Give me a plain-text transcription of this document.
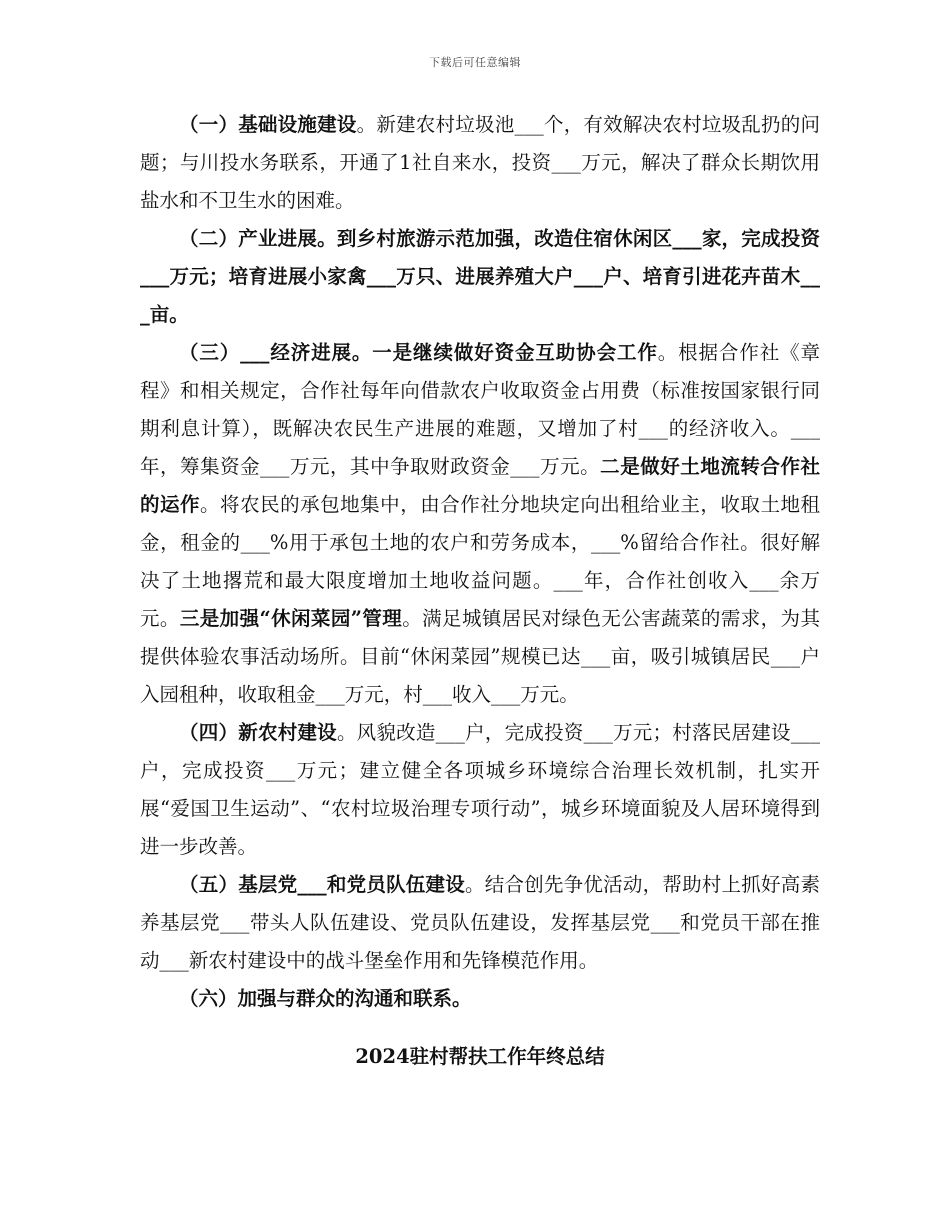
下载后可任意编辑

（一）基础设施建设。新建农村垃圾池___个，有效解决农村垃圾乱扔的问题；与川投水务联系，开通了1社自来水，投资___万元，解决了群众长期饮用盐水和不卫生水的困难。

（二）产业进展。到乡村旅游示范加强，改造住宿休闲区___家，完成投资___万元；培育进展小家禽___万只、进展养殖大户___户、培育引进花卉苗木___亩。

（三）___经济进展。一是继续做好资金互助协会工作。根据合作社《章程》和相关规定，合作社每年向借款农户收取资金占用费（标准按国家银行同期利息计算），既解决农民生产进展的难题，又增加了村___的经济收入。___年，筹集资金___万元，其中争取财政资金___万元。二是做好土地流转合作社的运作。将农民的承包地集中，由合作社分地块定向出租给业主，收取土地租金，租金的___%用于承包土地的农户和劳务成本，___%留给合作社。很好解决了土地撂荒和最大限度增加土地收益问题。___年，合作社创收入___余万元。三是加强“休闲菜园”管理。满足城镇居民对绿色无公害蔬菜的需求，为其提供体验农事活动场所。目前“休闲菜园”规模已达___亩，吸引城镇居民___户入园租种，收取租金___万元，村___收入___万元。

（四）新农村建设。风貌改造___户，完成投资___万元；村落民居建设___户，完成投资___万元；建立健全各项城乡环境综合治理长效机制，扎实开展“爱国卫生运动”、“农村垃圾治理专项行动”，城乡环境面貌及人居环境得到进一步改善。

（五）基层党___和党员队伍建设。结合创先争优活动，帮助村上抓好高素养基层党___带头人队伍建设、党员队伍建设，发挥基层党___和党员干部在推动___新农村建设中的战斗堡垒作用和先锋模范作用。

（六）加强与群众的沟通和联系。

2024驻村帮扶工作年终总结
